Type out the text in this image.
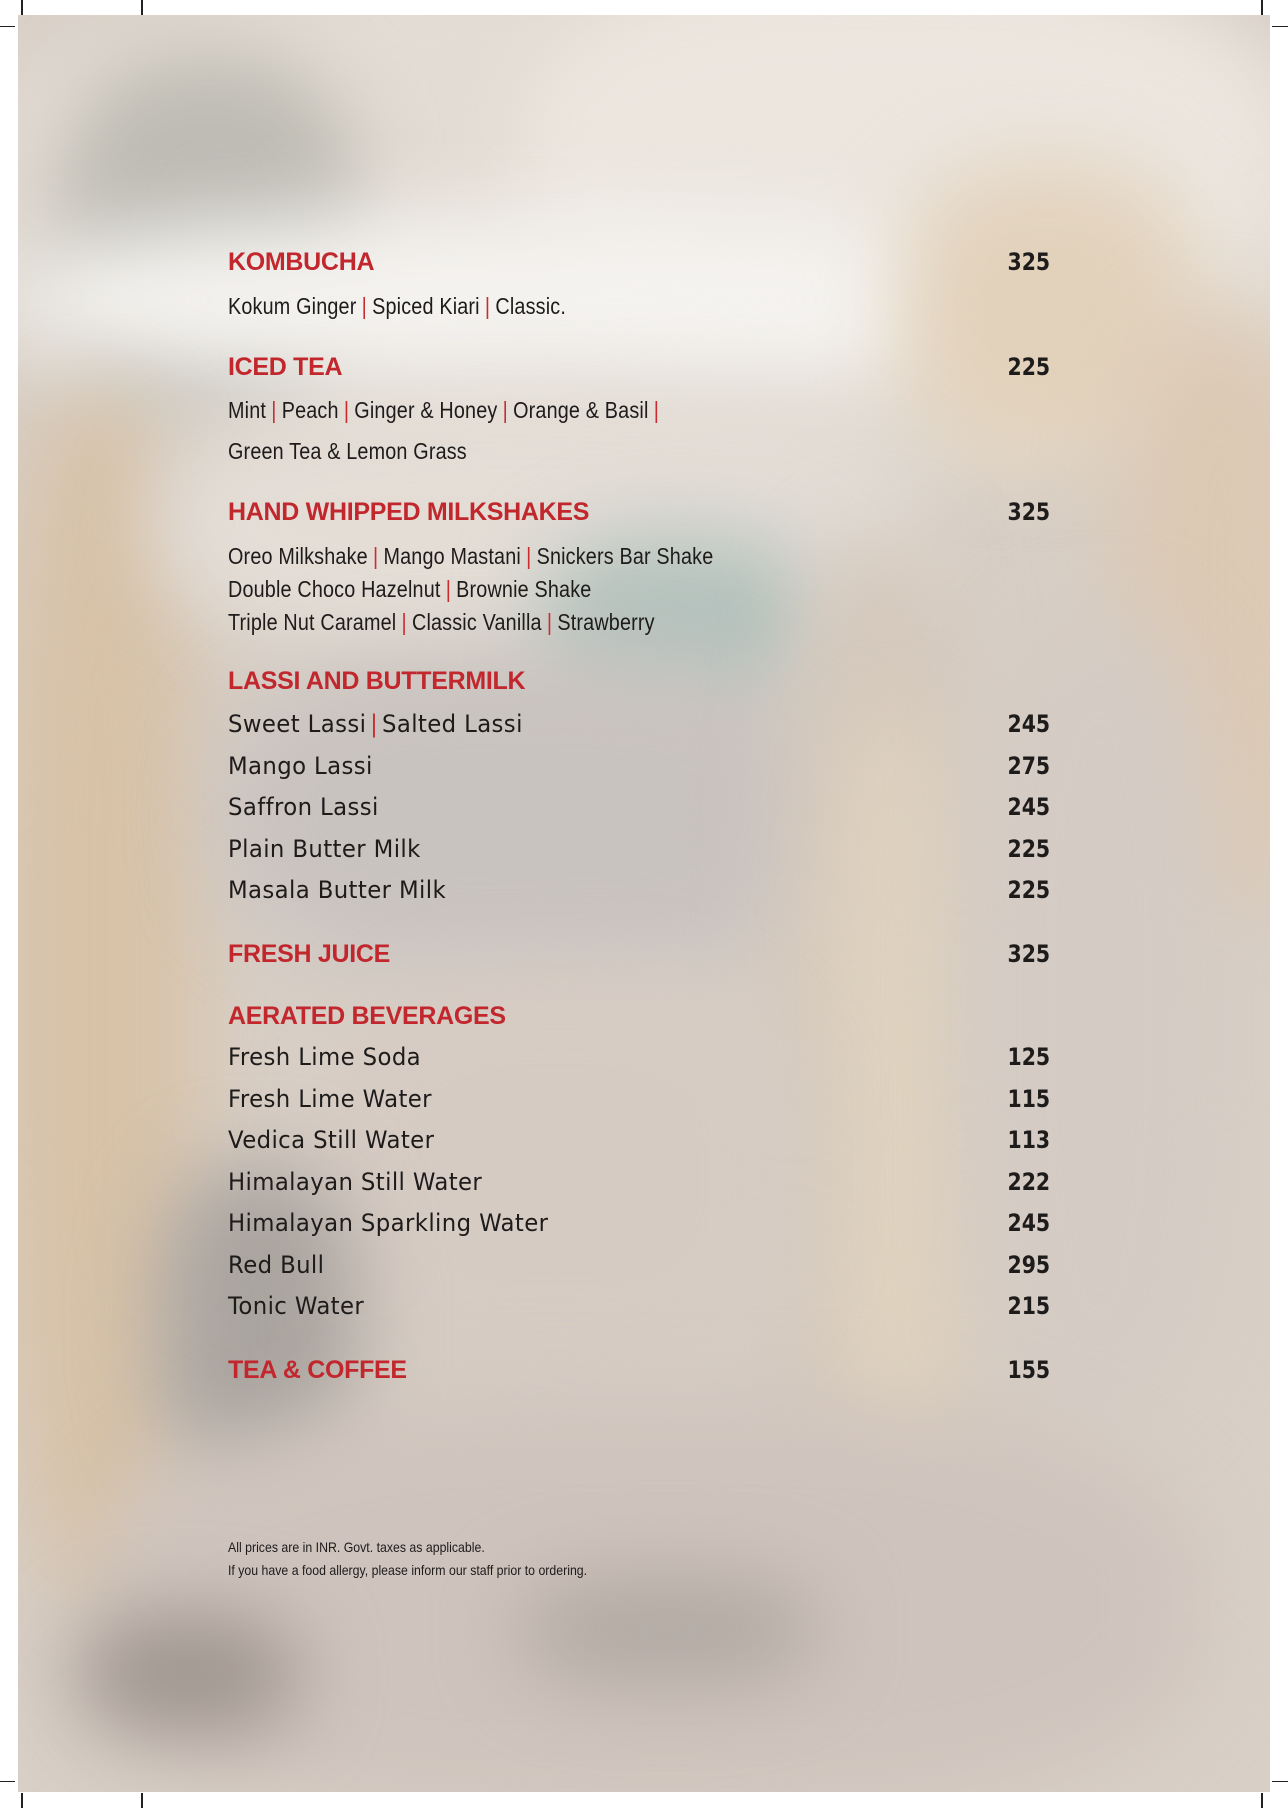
KOMBUCHA	325
Kokum Ginger | Spiced Kiari | Classic.
ICED TEA	225
Mint | Peach | Ginger & Honey | Orange & Basil |
Green Tea & Lemon Grass
HAND WHIPPED MILKSHAKES	325
Oreo Milkshake | Mango Mastani | Snickers Bar Shake
Double Choco Hazelnut | Brownie Shake
Triple Nut Caramel | Classic Vanilla | Strawberry
LASSI AND BUTTERMILK
Sweet Lassi | Salted Lassi	245
Mango Lassi	275
Saffron Lassi	245
Plain Butter Milk	225
Masala Butter Milk	225
FRESH JUICE	325
AERATED BEVERAGES
Fresh Lime Soda	125
Fresh Lime Water	115
Vedica Still Water	113
Himalayan Still Water	222
Himalayan Sparkling Water	245
Red Bull	295
Tonic Water	215
TEA & COFFEE	155
All prices are in INR. Govt. taxes as applicable.
If you have a food allergy, please inform our staff prior to ordering.
